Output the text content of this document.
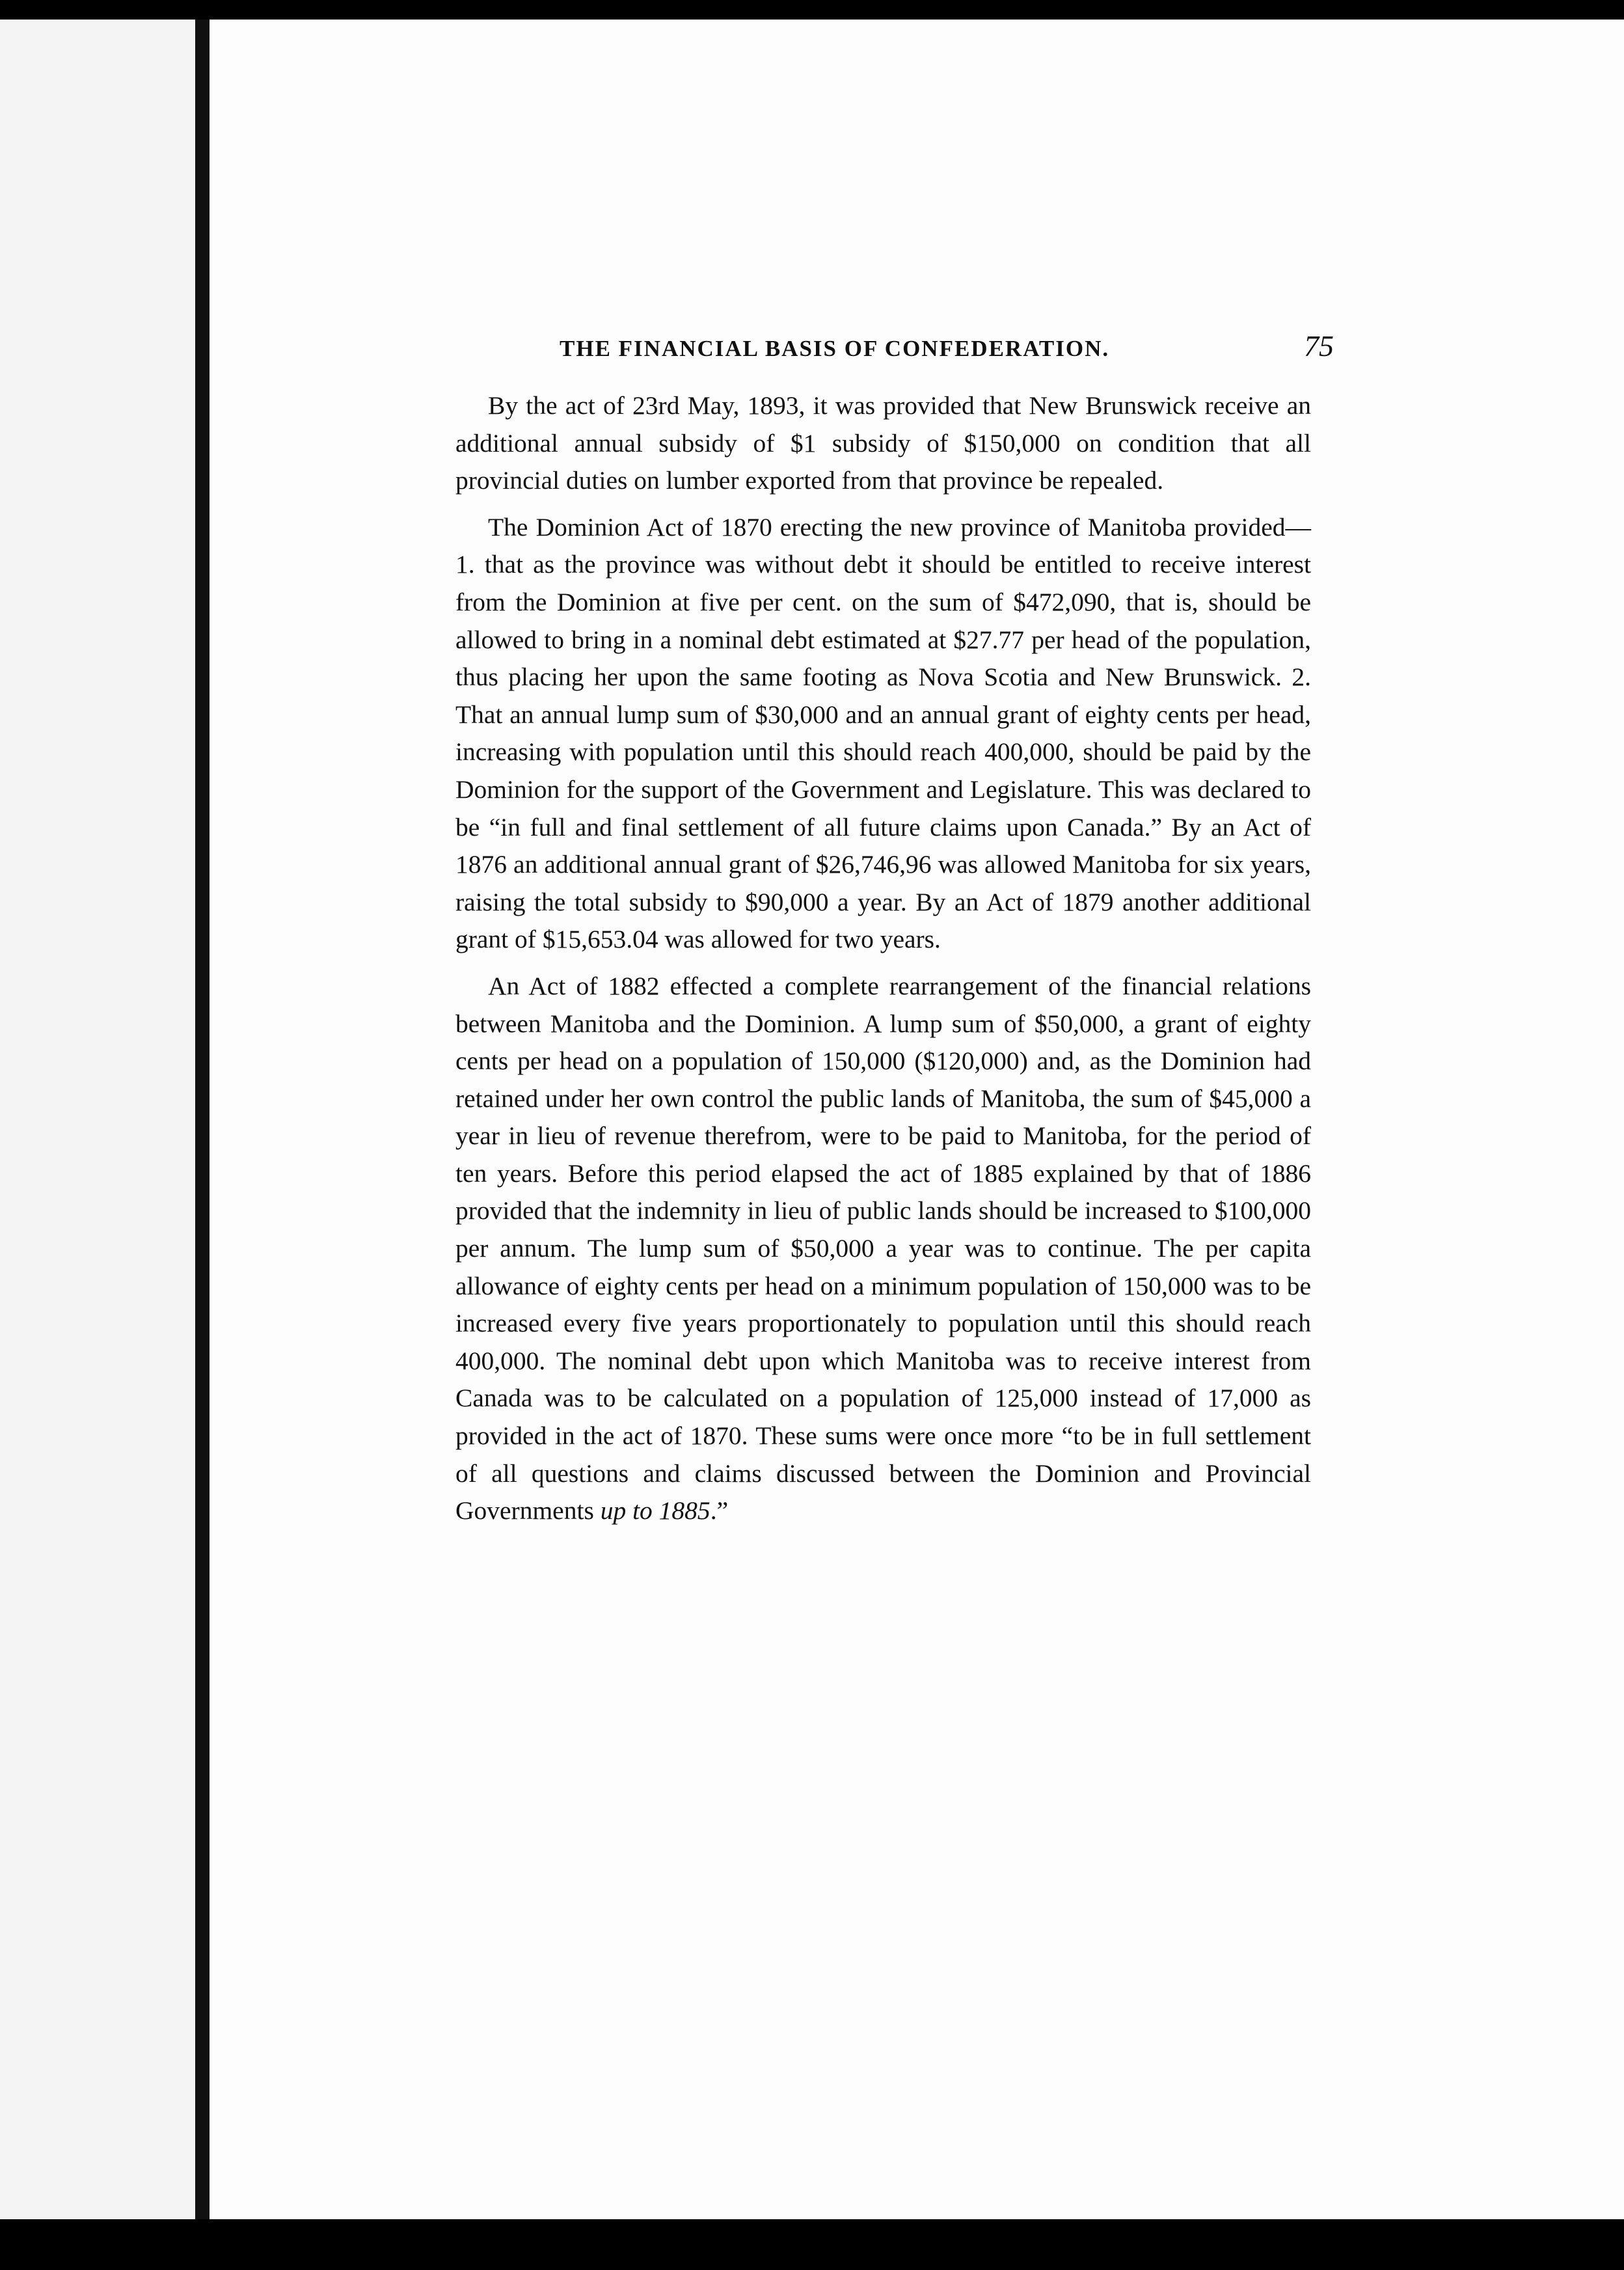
THE FINANCIAL BASIS OF CONFEDERATION.	75

By the act of 23rd May, 1893, it was provided that New Brunswick receive an additional annual subsidy of $1 subsidy of $150,000 on condition that all provincial duties on lumber exported from that province be repealed.

The Dominion Act of 1870 erecting the new province of Manitoba provided—1. that as the province was without debt it should be entitled to receive interest from the Dominion at five per cent. on the sum of $472,090, that is, should be allowed to bring in a nominal debt estimated at $27.77 per head of the population, thus placing her upon the same footing as Nova Scotia and New Brunswick. 2. That an annual lump sum of $30,000 and an annual grant of eighty cents per head, increasing with population until this should reach 400,000, should be paid by the Dominion for the support of the Government and Legislature. This was declared to be “in full and final settlement of all future claims upon Canada.” By an Act of 1876 an additional annual grant of $26,746,96 was allowed Manitoba for six years, raising the total subsidy to $90,000 a year. By an Act of 1879 another additional grant of $15,653.04 was allowed for two years.

An Act of 1882 effected a complete rearrangement of the financial relations between Manitoba and the Dominion. A lump sum of $50,000, a grant of eighty cents per head on a population of 150,000 ($120,000) and, as the Dominion had retained under her own control the public lands of Manitoba, the sum of $45,000 a year in lieu of revenue therefrom, were to be paid to Manitoba, for the period of ten years. Before this period elapsed the act of 1885 explained by that of 1886 provided that the indemnity in lieu of public lands should be increased to $100,000 per annum. The lump sum of $50,000 a year was to continue. The per capita allowance of eighty cents per head on a minimum population of 150,000 was to be increased every five years proportionately to population until this should reach 400,000. The nominal debt upon which Manitoba was to receive interest from Canada was to be calculated on a population of 125,000 instead of 17,000 as provided in the act of 1870. These sums were once more “to be in full settlement of all questions and claims discussed between the Dominion and Provincial Governments up to 1885.”
